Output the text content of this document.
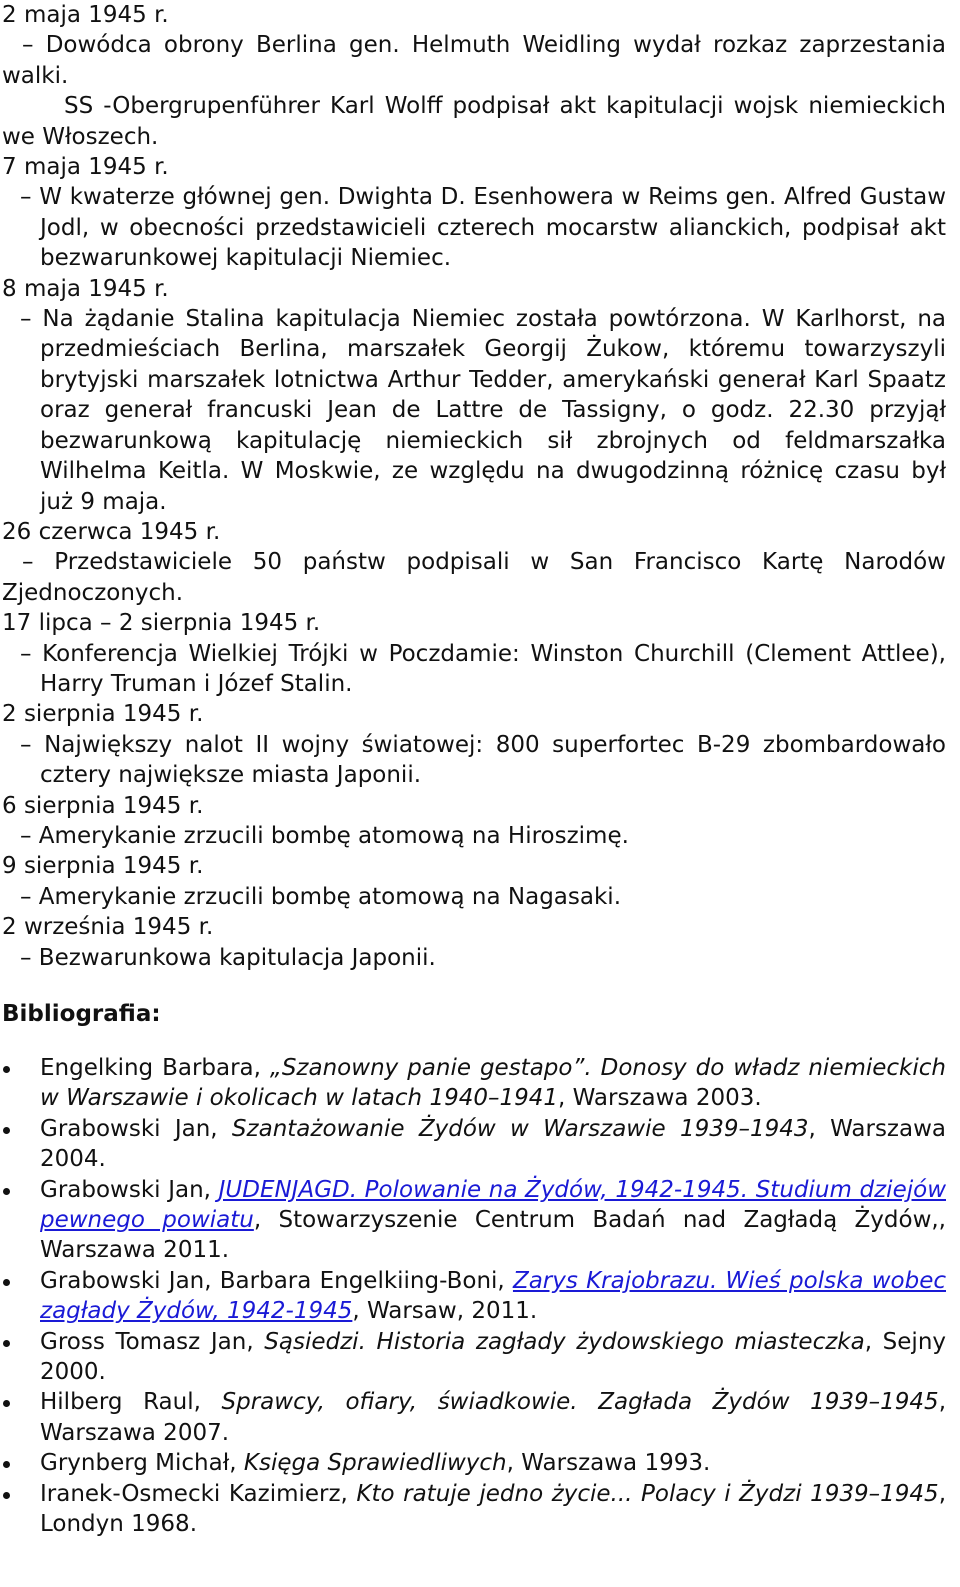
2 maja 1945 r.
– Dowódca obrony Berlina gen. Helmuth Weidling wydał rozkaz zaprzestania walki.
SS -Obergrupenführer Karl Wolff podpisał akt kapitulacji wojsk niemieckich we Włoszech.
7 maja 1945 r.
– W kwaterze głównej gen. Dwighta D. Esenhowera w Reims gen. Alfred Gustaw Jodl, w obecności przedstawicieli czterech mocarstw alianckich, podpisał akt bezwarunkowej kapitulacji Niemiec.
8 maja 1945 r.
– Na żądanie Stalina kapitulacja Niemiec została powtórzona. W Karlhorst, na przedmieściach Berlina, marszałek Georgij Żukow, któremu towarzyszyli brytyjski marszałek lotnictwa Arthur Tedder, amerykański generał Karl Spaatz oraz generał francuski Jean de Lattre de Tassigny, o godz. 22.30 przyjął bezwarunkową kapitulację niemieckich sił zbrojnych od feldmarszałka Wilhelma Keitla. W Moskwie, ze względu na dwugodzinną różnicę czasu był już 9 maja.
26 czerwca 1945 r.
– Przedstawiciele 50 państw podpisali w San Francisco Kartę Narodów Zjednoczonych.
17 lipca – 2 sierpnia 1945 r.
– Konferencja Wielkiej Trójki w Poczdamie: Winston Churchill (Clement Attlee), Harry Truman i Józef Stalin.
2 sierpnia 1945 r.
– Największy nalot II wojny światowej: 800 superfortec B-29 zbombardowało cztery największe miasta Japonii.
6 sierpnia 1945 r.
– Amerykanie zrzucili bombę atomową na Hiroszimę.
9 sierpnia 1945 r.
– Amerykanie zrzucili bombę atomową na Nagasaki.
2 września 1945 r.
– Bezwarunkowa kapitulacja Japonii.
Bibliografia:
Engelking Barbara, „Szanowny panie gestapo”. Donosy do władz niemieckich w Warszawie i okolicach w latach 1940–1941, Warszawa 2003.
Grabowski Jan, Szantażowanie Żydów w Warszawie 1939–1943, Warszawa 2004.
Grabowski Jan, JUDENJAGD. Polowanie na Żydów, 1942-1945. Studium dziejów pewnego powiatu, Stowarzyszenie Centrum Badań nad Zagładą Żydów,, Warszawa 2011.
Grabowski Jan, Barbara Engelkiing-Boni, Zarys Krajobrazu. Wieś polska wobec zagłady Żydów, 1942-1945, Warsaw, 2011.
Gross Tomasz Jan, Sąsiedzi. Historia zagłady żydowskiego miasteczka, Sejny 2000.
Hilberg Raul, Sprawcy, ofiary, świadkowie. Zagłada Żydów 1939–1945, Warszawa 2007.
Grynberg Michał, Księga Sprawiedliwych, Warszawa 1993.
Iranek-Osmecki Kazimierz, Kto ratuje jedno życie... Polacy i Żydzi 1939–1945, Londyn 1968.
